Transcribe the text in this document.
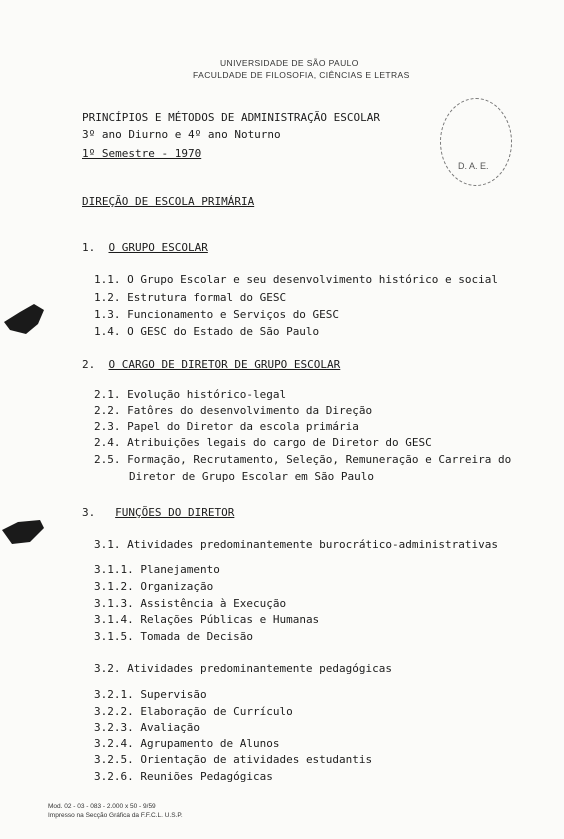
UNIVERSIDADE DE SÃO PAULO
FACULDADE DE FILOSOFIA, CIÊNCIAS E LETRAS
PRINCÍPIOS E MÉTODOS DE ADMINISTRAÇÃO ESCOLAR
3º ano Diurno e 4º ano Noturno
1º Semestre - 1970
D. A. E.
DIREÇÃO DE ESCOLA PRIMÁRIA
1. O GRUPO ESCOLAR
1.1. O Grupo Escolar e seu desenvolvimento histórico e social
1.2. Estrutura formal do GESC
1.3. Funcionamento e Serviços do GESC
1.4. O GESC do Estado de São Paulo
2. O CARGO DE DIRETOR DE GRUPO ESCOLAR
2.1. Evolução histórico-legal
2.2. Fatôres do desenvolvimento da Direção
2.3. Papel do Diretor da escola primária
2.4. Atribuições legais do cargo de Diretor do GESC
2.5. Formação, Recrutamento, Seleção, Remuneração e Carreira do
Diretor de Grupo Escolar em São Paulo
3. FUNÇÕES DO DIRETOR
3.1. Atividades predominantemente burocrático-administrativas
3.1.1. Planejamento
3.1.2. Organização
3.1.3. Assistência à Execução
3.1.4. Relações Públicas e Humanas
3.1.5. Tomada de Decisão
3.2. Atividades predominantemente pedagógicas
3.2.1. Supervisão
3.2.2. Elaboração de Currículo
3.2.3. Avaliação
3.2.4. Agrupamento de Alunos
3.2.5. Orientação de atividades estudantis
3.2.6. Reuniões Pedagógicas
Mod. 02 - 03 - 083 - 2.000 x 50 - 9/59
Impresso na Secção Gráfica da F.F.C.L. U.S.P.
